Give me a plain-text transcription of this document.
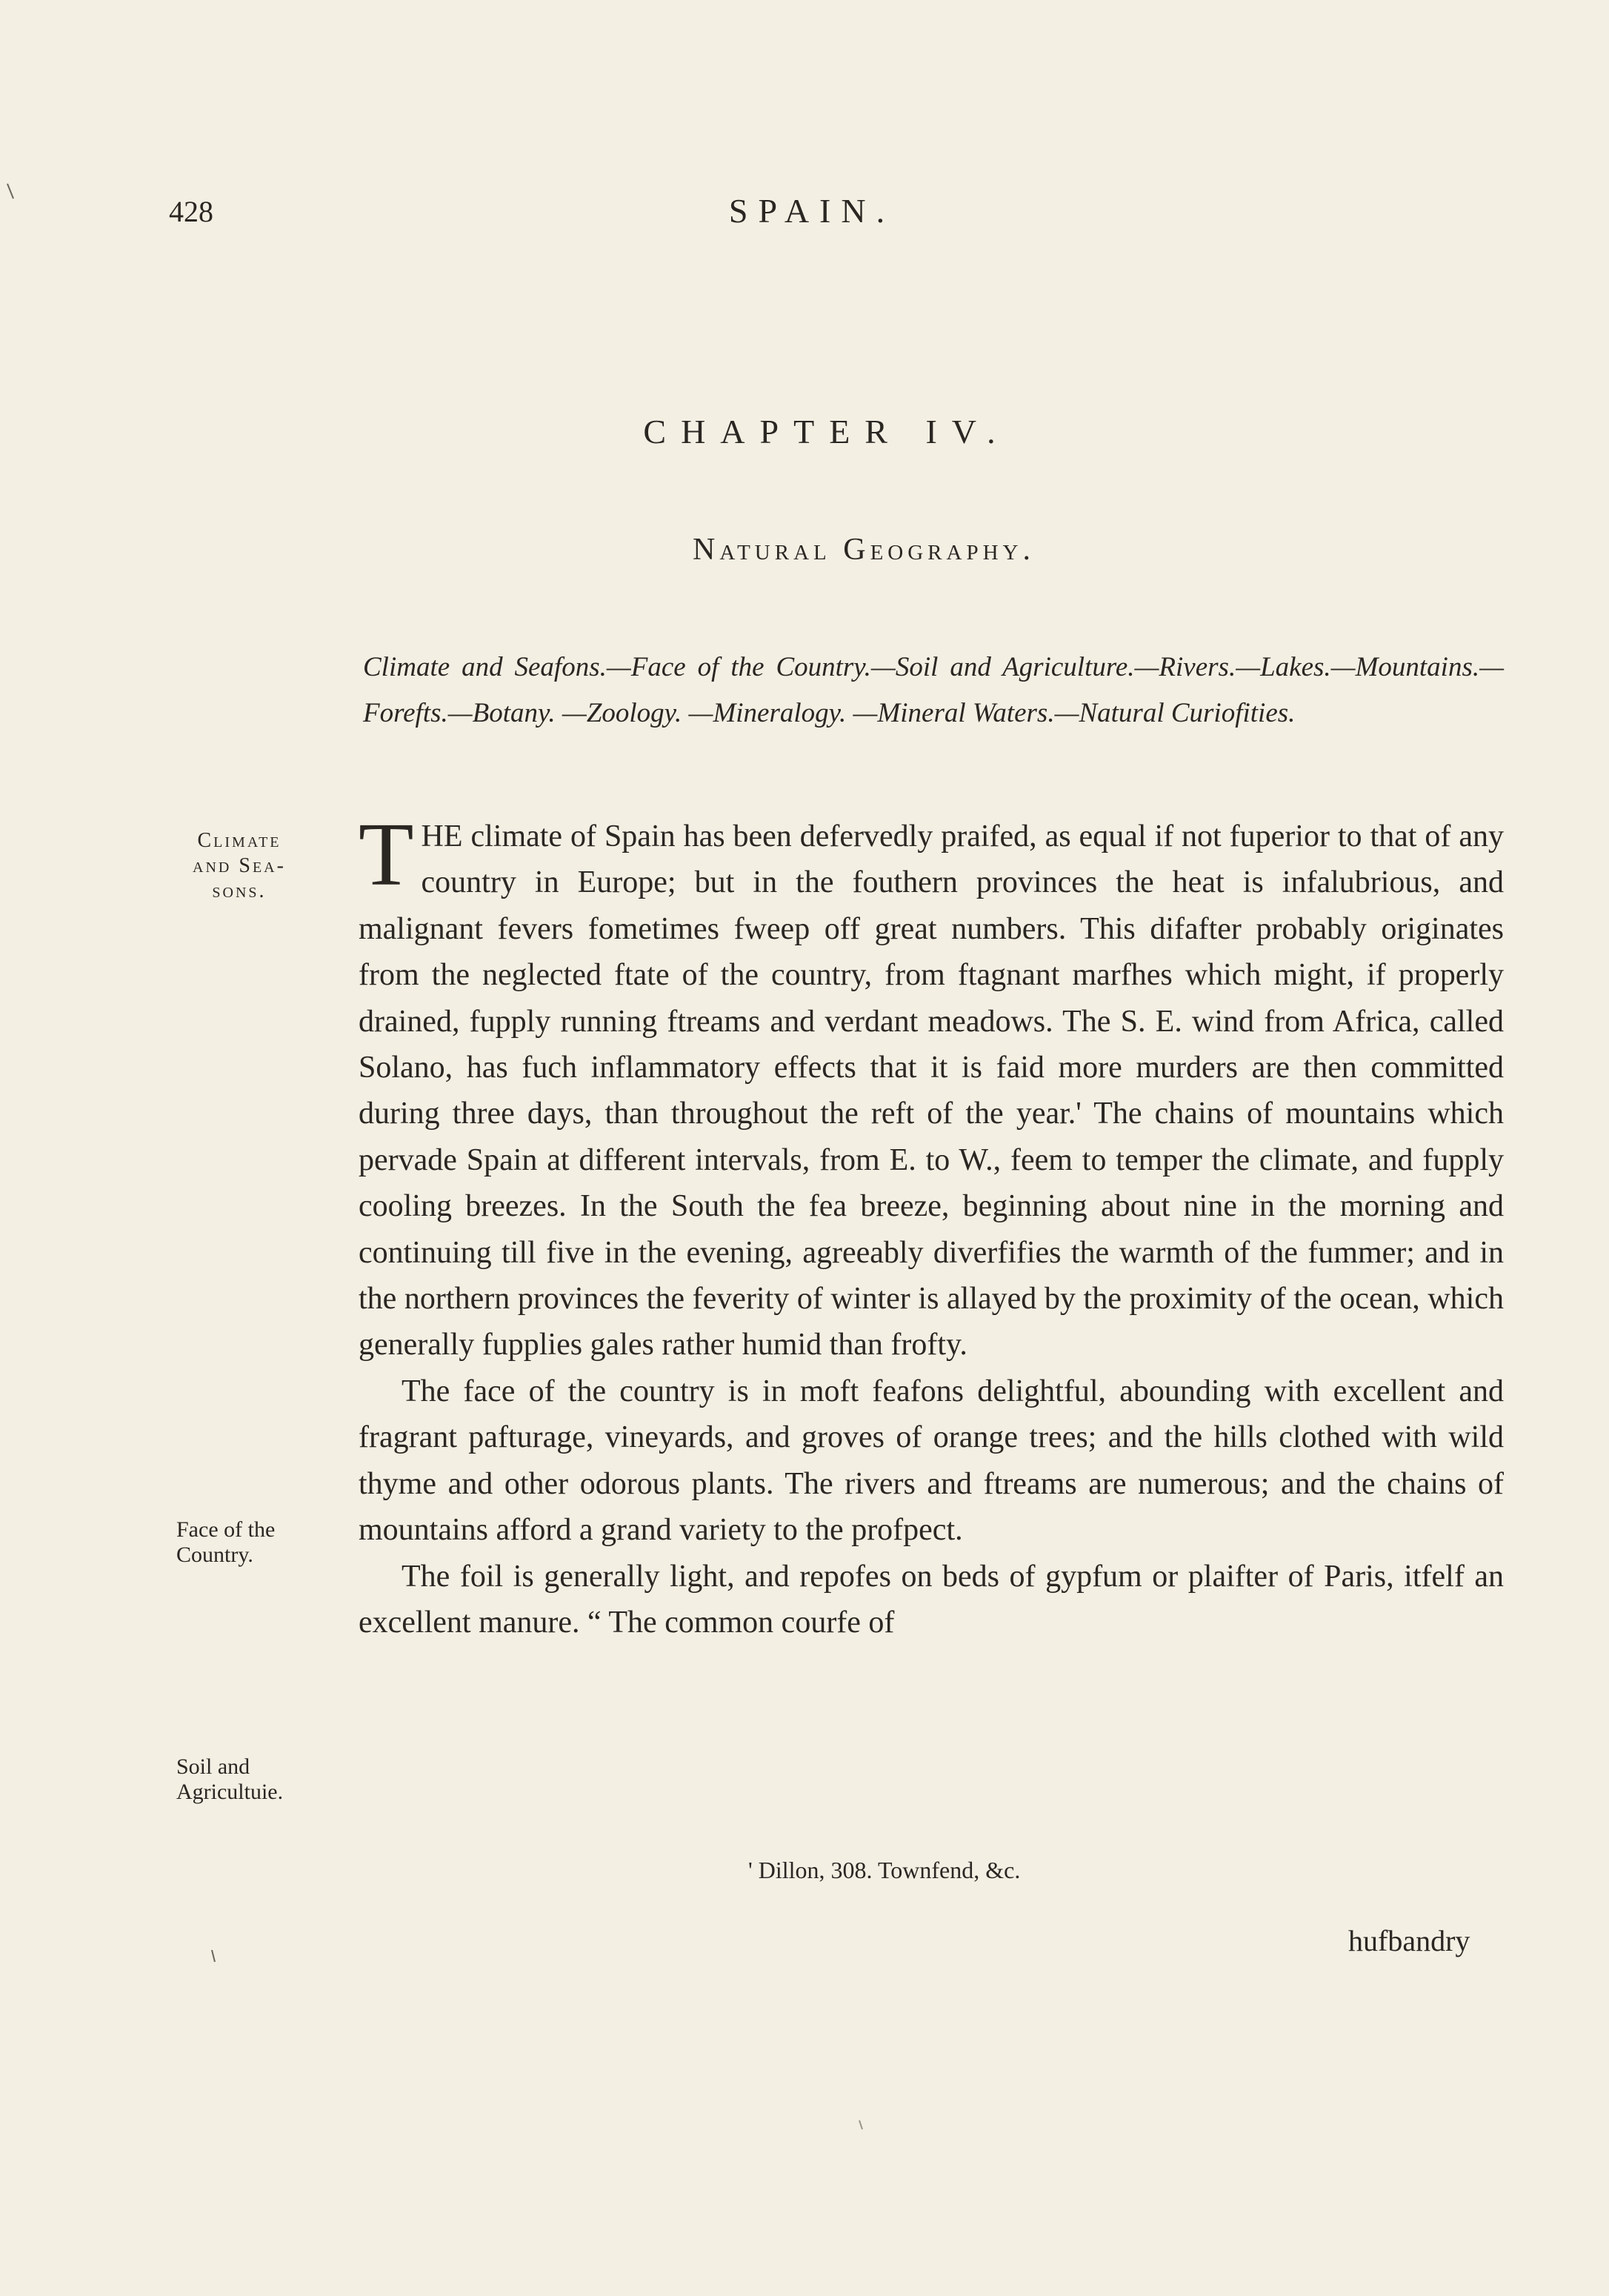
428	SPAIN.
CHAPTER IV.
Natural Geography.
Climate and Seafons.—Face of the Country.—Soil and Agriculture.—Rivers.—Lakes.—Mountains.—Forefts.—Botany. —Zoology. —Mineralogy. —Mineral Waters.—Natural Curiofities.
Climate
and Sea-
sons.
Face of the
Country.
Soil and
Agricultuie.

THE climate of Spain has been defervedly praifed, as equal if not fuperior to that of any country in Europe; but in the fouthern provinces the heat is infalubrious, and malignant fevers fometimes fweep off great numbers. This difafter probably originates from the neglected ftate of the country, from ftagnant marfhes which might, if properly drained, fupply running ftreams and verdant meadows. The S. E. wind from Africa, called Solano, has fuch inflammatory effects that it is faid more murders are then committed during three days, than throughout the reft of the year.' The chains of mountains which pervade Spain at different intervals, from E. to W., feem to temper the climate, and fupply cooling breezes. In the South the fea breeze, beginning about nine in the morning and continuing till five in the evening, agreeably diverfifies the warmth of the fummer; and in the northern provinces the feverity of winter is allayed by the proximity of the ocean, which generally fupplies gales rather humid than frofty.

The face of the country is in moft feafons delightful, abounding with excellent and fragrant pafturage, vineyards, and groves of orange trees; and the hills clothed with wild thyme and other odorous plants. The rivers and ftreams are numerous; and the chains of mountains afford a grand variety to the profpect.

The foil is generally light, and repofes on beds of gypfum or plaifter of Paris, itfelf an excellent manure. “ The common courfe of

' Dillon, 308. Townfend, &c.
hufbandry
